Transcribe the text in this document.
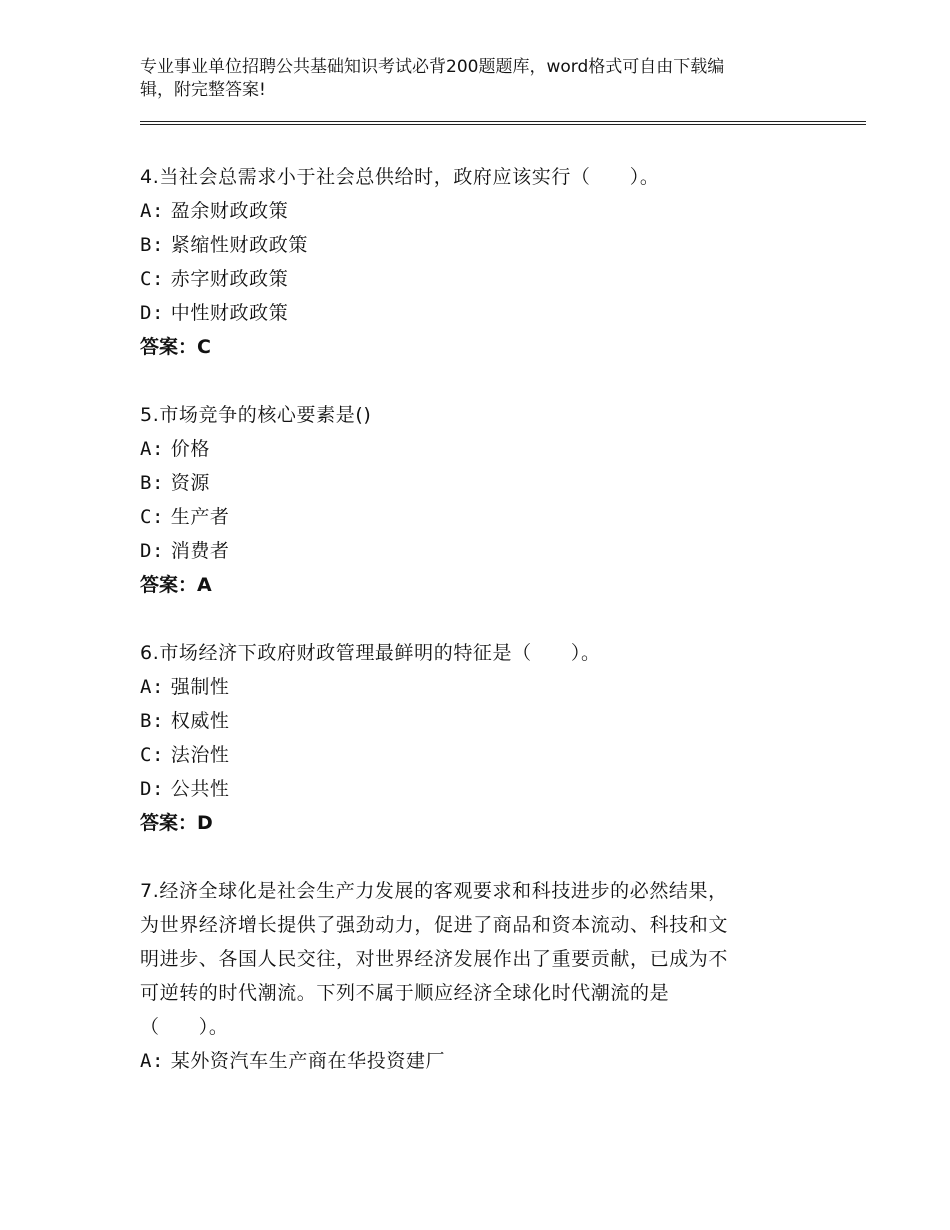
专业事业单位招聘公共基础知识考试必背200题题库，word格式可自由下载编
辑，附完整答案!
4.当社会总需求小于社会总供给时，政府应该实行（　　）。
A: 盈余财政政策
B: 紧缩性财政政策
C: 赤字财政政策
D: 中性财政政策
答案：C
5.市场竞争的核心要素是()
A: 价格
B: 资源
C: 生产者
D: 消费者
答案：A
6.市场经济下政府财政管理最鲜明的特征是（　　）。
A: 强制性
B: 权威性
C: 法治性
D: 公共性
答案：D
7.经济全球化是社会生产力发展的客观要求和科技进步的必然结果，
为世界经济增长提供了强劲动力，促进了商品和资本流动、科技和文
明进步、各国人民交往，对世界经济发展作出了重要贡献，已成为不
可逆转的时代潮流。下列不属于顺应经济全球化时代潮流的是
（　　）。
A: 某外资汽车生产商在华投资建厂
